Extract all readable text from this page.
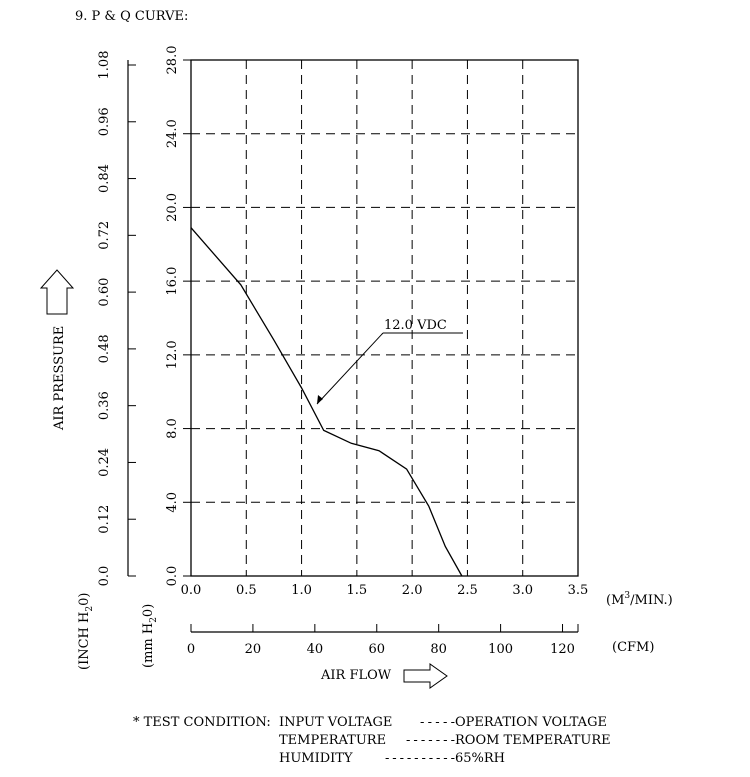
9. P & Q CURVE:
0.0
4.0
8.0
12.0
16.0
20.0
24.0
28.0
0.0
0.12
0.24
0.36
0.48
0.60
0.72
0.84
0.96
1.08
0.0	0.5	1.0	1.5	2.0	2.5	3.0	3.5
$(M^3/MIN.)$
0	20	40	60	80	100	120	(CFM)
AIR FLOW
AIR PRESSURE
(INCH $H_20$)
(mm $H_20$)
12.0 VDC
* TEST CONDITION: INPUT VOLTAGE ----- OPERATION VOLTAGE
TEMPERATURE ------- ROOM TEMPERATURE
HUMIDITY ---------- 65%RH
